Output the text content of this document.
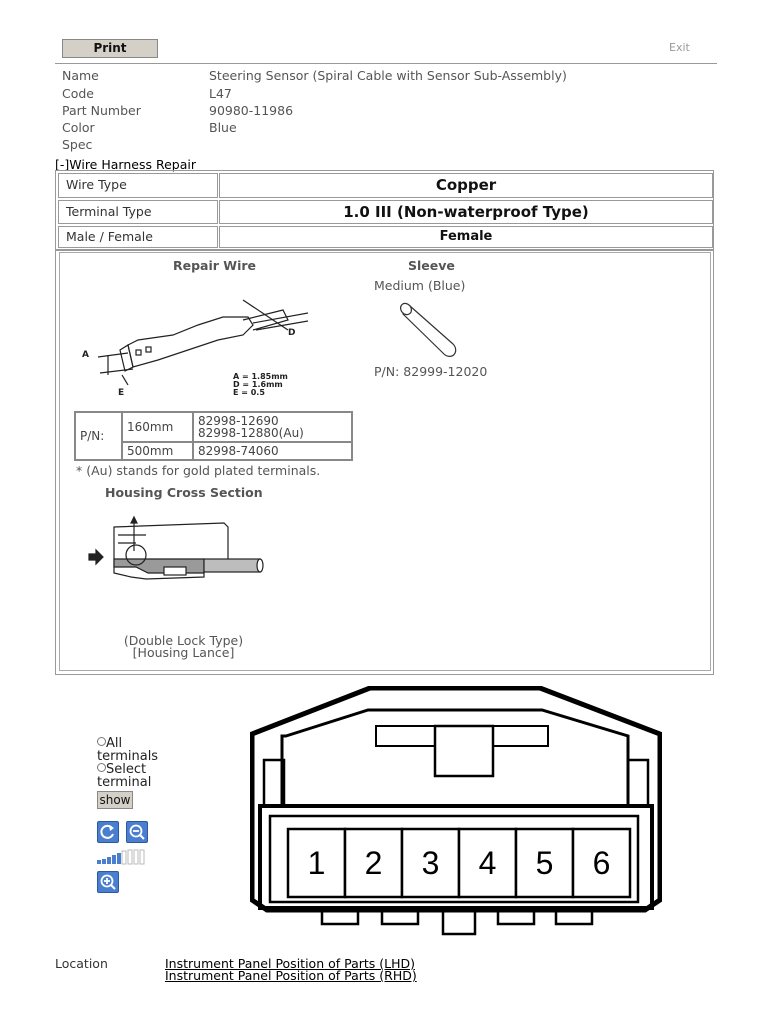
Print	Exit
Name	Steering Sensor (Spiral Cable with Sensor Sub-Assembly)
Code	L47
Part Number	90980-11986
Color	Blue
Spec
[-]Wire Harness Repair
Wire Type	Copper
Terminal Type	1.0 III (Non-waterproof Type)
Male / Female	Female
Repair Wire	Sleeve
Medium (Blue)
A
D
E
A = 1.85mm
D = 1.6mm
E = 0.5
P/N: 82999-12020
P/N:
160mm	82998-12690
82998-12880(Au)
500mm	82998-74060
* (Au) stands for gold plated terminals.
Housing Cross Section
(Double Lock Type)
[Housing Lance]
All
terminals
Select
terminal
show
1 2 3 4 5 6
Location	Instrument Panel Position of Parts (LHD)
Instrument Panel Position of Parts (RHD)
